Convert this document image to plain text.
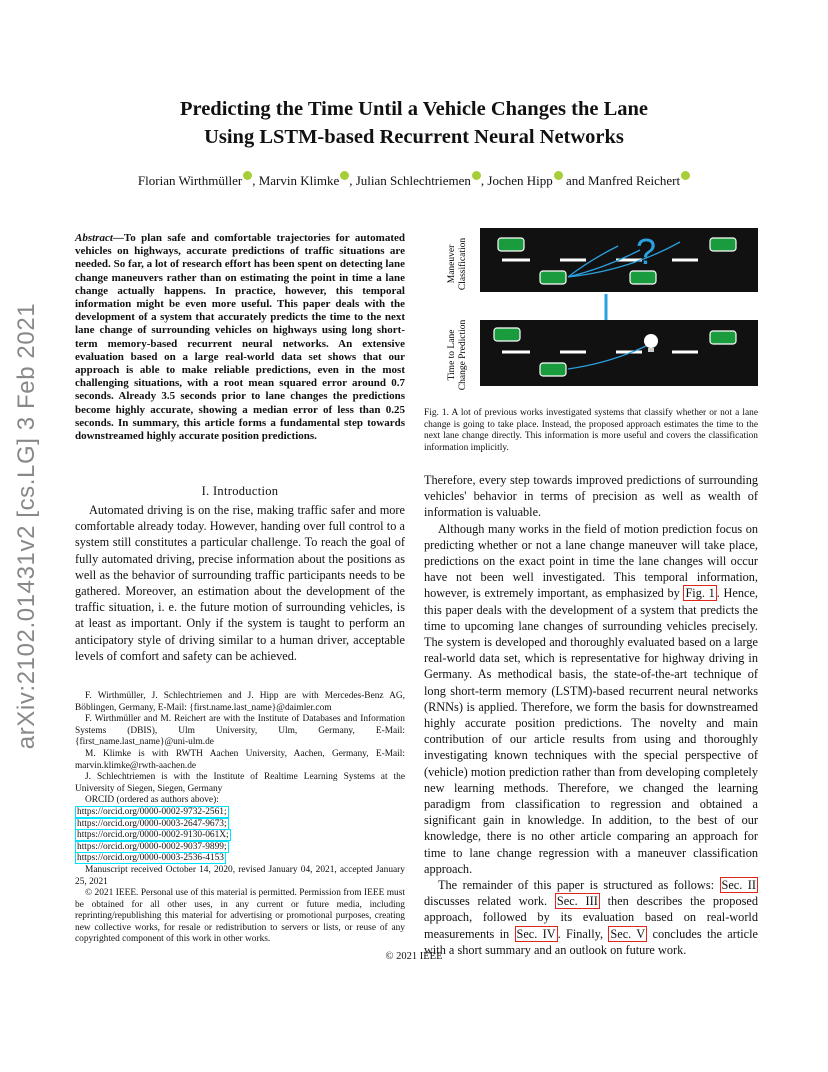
Predicting the Time Until a Vehicle Changes the Lane
Using LSTM-based Recurrent Neural Networks
Florian Wirthmüller , Marvin Klimke , Julian Schlechtriemen , Jochen Hipp and Manfred Reichert
arXiv:2102.01431v2 [cs.LG] 3 Feb 2021
Abstract—To plan safe and comfortable trajectories for automated vehicles on highways, accurate predictions of traffic situations are needed. So far, a lot of research effort has been spent on detecting lane change maneuvers rather than on estimating the point in time a lane change actually happens. In practice, however, this temporal information might be even more useful. This paper deals with the development of a system that accurately predicts the time to the next lane change of surrounding vehicles on highways using long short-term memory-based recurrent neural networks. An extensive evaluation based on a large real-world data set shows that our approach is able to make reliable predictions, even in the most challenging situations, with a root mean squared error around 0.7 seconds. Already 3.5 seconds prior to lane changes the predictions become highly accurate, showing a median error of less than 0.25 seconds. In summary, this article forms a fundamental step towards downstreamed highly accurate position predictions.
I. Introduction
Automated driving is on the rise, making traffic safer and more comfortable already today. However, handing over full control to a system still constitutes a particular challenge. To reach the goal of fully automated driving, precise information about the positions as well as the behavior of surrounding traffic participants needs to be gathered. Moreover, an estimation about the development of the traffic situation, i. e. the future motion of surrounding vehicles, is at least as important. Only if the system is taught to perform an anticipatory style of driving similar to a human driver, acceptable levels of comfort and safety can be achieved.

F. Wirthmüller, J. Schlechtriemen and J. Hipp are with Mercedes-Benz AG, Böblingen, Germany, E-Mail: {first.name.last_name}@daimler.com

F. Wirthmüller and M. Reichert are with the Institute of Databases and Information Systems (DBIS), Ulm University, Ulm, Germany, E-Mail: {first_name.last_name}@uni-ulm.de

M. Klimke is with RWTH Aachen University, Aachen, Germany, E-Mail: marvin.klimke@rwth-aachen.de

J. Schlechtriemen is with the Institute of Realtime Learning Systems at the University of Siegen, Siegen, Germany

ORCID (ordered as authors above):

https://orcid.org/0000-0002-9732-2561;
https://orcid.org/0000-0003-2647-9673;
https://orcid.org/0000-0002-9130-061X;
https://orcid.org/0000-0002-9037-9899;
https://orcid.org/0000-0003-2536-4153

Manuscript received October 14, 2020, revised January 04, 2021, accepted January 25, 2021

© 2021 IEEE. Personal use of this material is permitted. Permission from IEEE must be obtained for all other uses, in any current or future media, including reprinting/republishing this material for advertising or promotional purposes, creating new collective works, for resale or redistribution to servers or lists, or reuse of any copyrighted component of this work in other works.

Maneuver Classification
Time to Lane Change Prediction
?
Fig. 1. A lot of previous works investigated systems that classify whether or not a lane change is going to take place. Instead, the proposed approach estimates the time to the next lane change directly. This information is more useful and covers the classification information implicitly.

Therefore, every step towards improved predictions of surrounding vehicles' behavior in terms of precision as well as wealth of information is valuable.

Although many works in the field of motion prediction focus on predicting whether or not a lane change maneuver will take place, predictions on the exact point in time the lane changes will occur have not been well investigated. This temporal information, however, is extremely important, as emphasized by Fig. 1 . Hence, this paper deals with the development of a system that predicts the time to upcoming lane changes of surrounding vehicles precisely. The system is developed and thoroughly evaluated based on a large real-world data set, which is representative for highway driving in Germany. As methodical basis, the state-of-the-art technique of long short-term memory (LSTM)-based recurrent neural networks (RNNs) is applied. Therefore, we form the basis for downstreamed highly accurate position predictions. The novelty and main contribution of our article results from using and thoroughly investigating known techniques with the special perspective of (vehicle) motion prediction rather than from developing completely new learning methods. Therefore, we changed the learning paradigm from classification to regression and obtained a significant gain in knowledge. In addition, to the best of our knowledge, there is no other article comparing an approach for time to lane change regression with a maneuver classification approach.

The remainder of this paper is structured as follows: Sec. II discusses related work. Sec. III then describes the proposed approach, followed by its evaluation based on real-world measurements in Sec. IV . Finally, Sec. V concludes the article with a short summary and an outlook on future work.

© 2021 IEEE
